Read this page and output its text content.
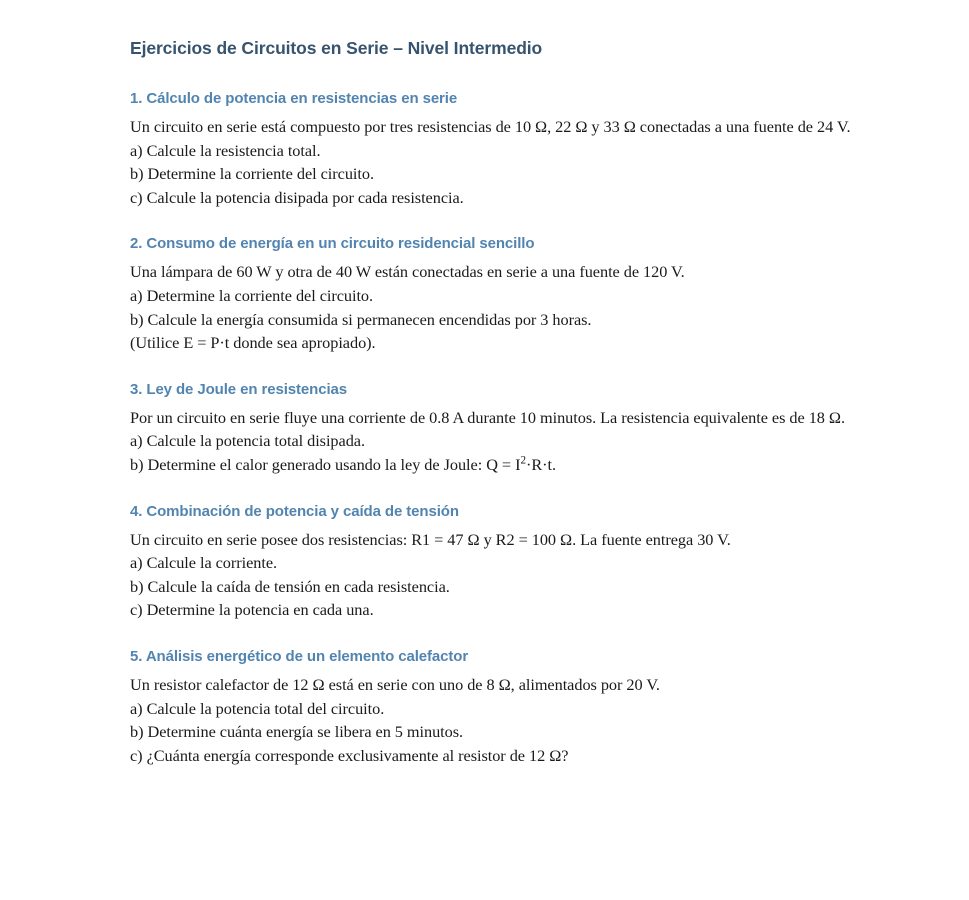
Ejercicios de Circuitos en Serie – Nivel Intermedio
1. Cálculo de potencia en resistencias en serie

Un circuito en serie está compuesto por tres resistencias de 10 Ω, 22 Ω y 33 Ω conectadas a una fuente de 24 V.

a) Calcule la resistencia total.

b) Determine la corriente del circuito.

c) Calcule la potencia disipada por cada resistencia.

2. Consumo de energía en un circuito residencial sencillo

Una lámpara de 60 W y otra de 40 W están conectadas en serie a una fuente de 120 V.

a) Determine la corriente del circuito.

b) Calcule la energía consumida si permanecen encendidas por 3 horas.

(Utilice E = P·t donde sea apropiado).

3. Ley de Joule en resistencias

Por un circuito en serie fluye una corriente de 0.8 A durante 10 minutos. La resistencia equivalente es de 18 Ω.

a) Calcule la potencia total disipada.

b) Determine el calor generado usando la ley de Joule: $Q = I^2\cdot R\cdot t$.

4. Combinación de potencia y caída de tensión

Un circuito en serie posee dos resistencias: R1 = 47 Ω y R2 = 100 Ω. La fuente entrega 30 V.

a) Calcule la corriente.

b) Calcule la caída de tensión en cada resistencia.

c) Determine la potencia en cada una.

5. Análisis energético de un elemento calefactor

Un resistor calefactor de 12 Ω está en serie con uno de 8 Ω, alimentados por 20 V.

a) Calcule la potencia total del circuito.

b) Determine cuánta energía se libera en 5 minutos.

c) ¿Cuánta energía corresponde exclusivamente al resistor de 12 Ω?
